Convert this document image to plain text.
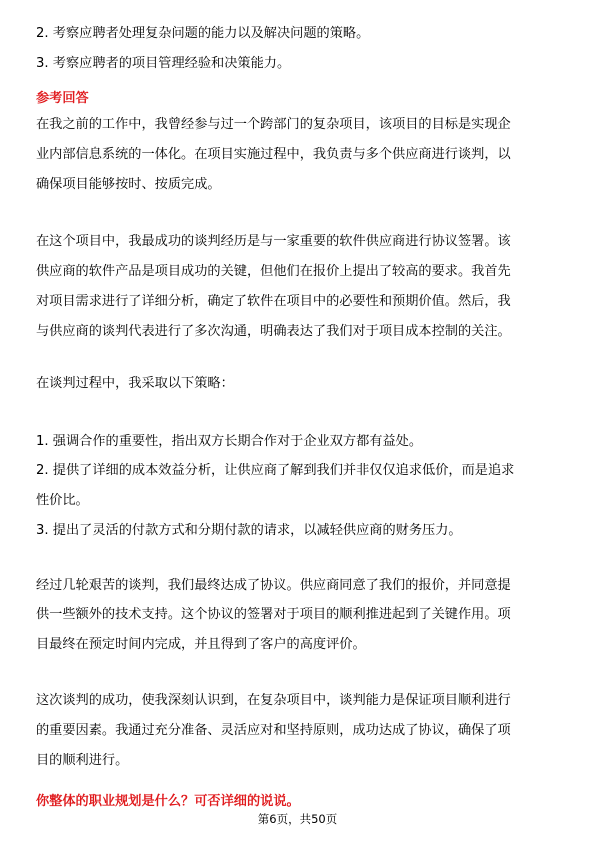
2. 考察应聘者处理复杂问题的能力以及解决问题的策略。
3. 考察应聘者的项目管理经验和决策能力。
参考回答
在我之前的工作中，我曾经参与过一个跨部门的复杂项目，该项目的目标是实现企
业内部信息系统的一体化。在项目实施过程中，我负责与多个供应商进行谈判，以
确保项目能够按时、按质完成。
在这个项目中，我最成功的谈判经历是与一家重要的软件供应商进行协议签署。该
供应商的软件产品是项目成功的关键，但他们在报价上提出了较高的要求。我首先
对项目需求进行了详细分析，确定了软件在项目中的必要性和预期价值。然后，我
与供应商的谈判代表进行了多次沟通，明确表达了我们对于项目成本控制的关注。
在谈判过程中，我采取以下策略：
1. 强调合作的重要性，指出双方长期合作对于企业双方都有益处。
2. 提供了详细的成本效益分析，让供应商了解到我们并非仅仅追求低价，而是追求
性价比。
3. 提出了灵活的付款方式和分期付款的请求，以减轻供应商的财务压力。
经过几轮艰苦的谈判，我们最终达成了协议。供应商同意了我们的报价，并同意提
供一些额外的技术支持。这个协议的签署对于项目的顺利推进起到了关键作用。项
目最终在预定时间内完成，并且得到了客户的高度评价。
这次谈判的成功，使我深刻认识到，在复杂项目中，谈判能力是保证项目顺利进行
的重要因素。我通过充分准备、灵活应对和坚持原则，成功达成了协议，确保了项
目的顺利进行。
你整体的职业规划是什么？可否详细的说说。
第6页，共50页
